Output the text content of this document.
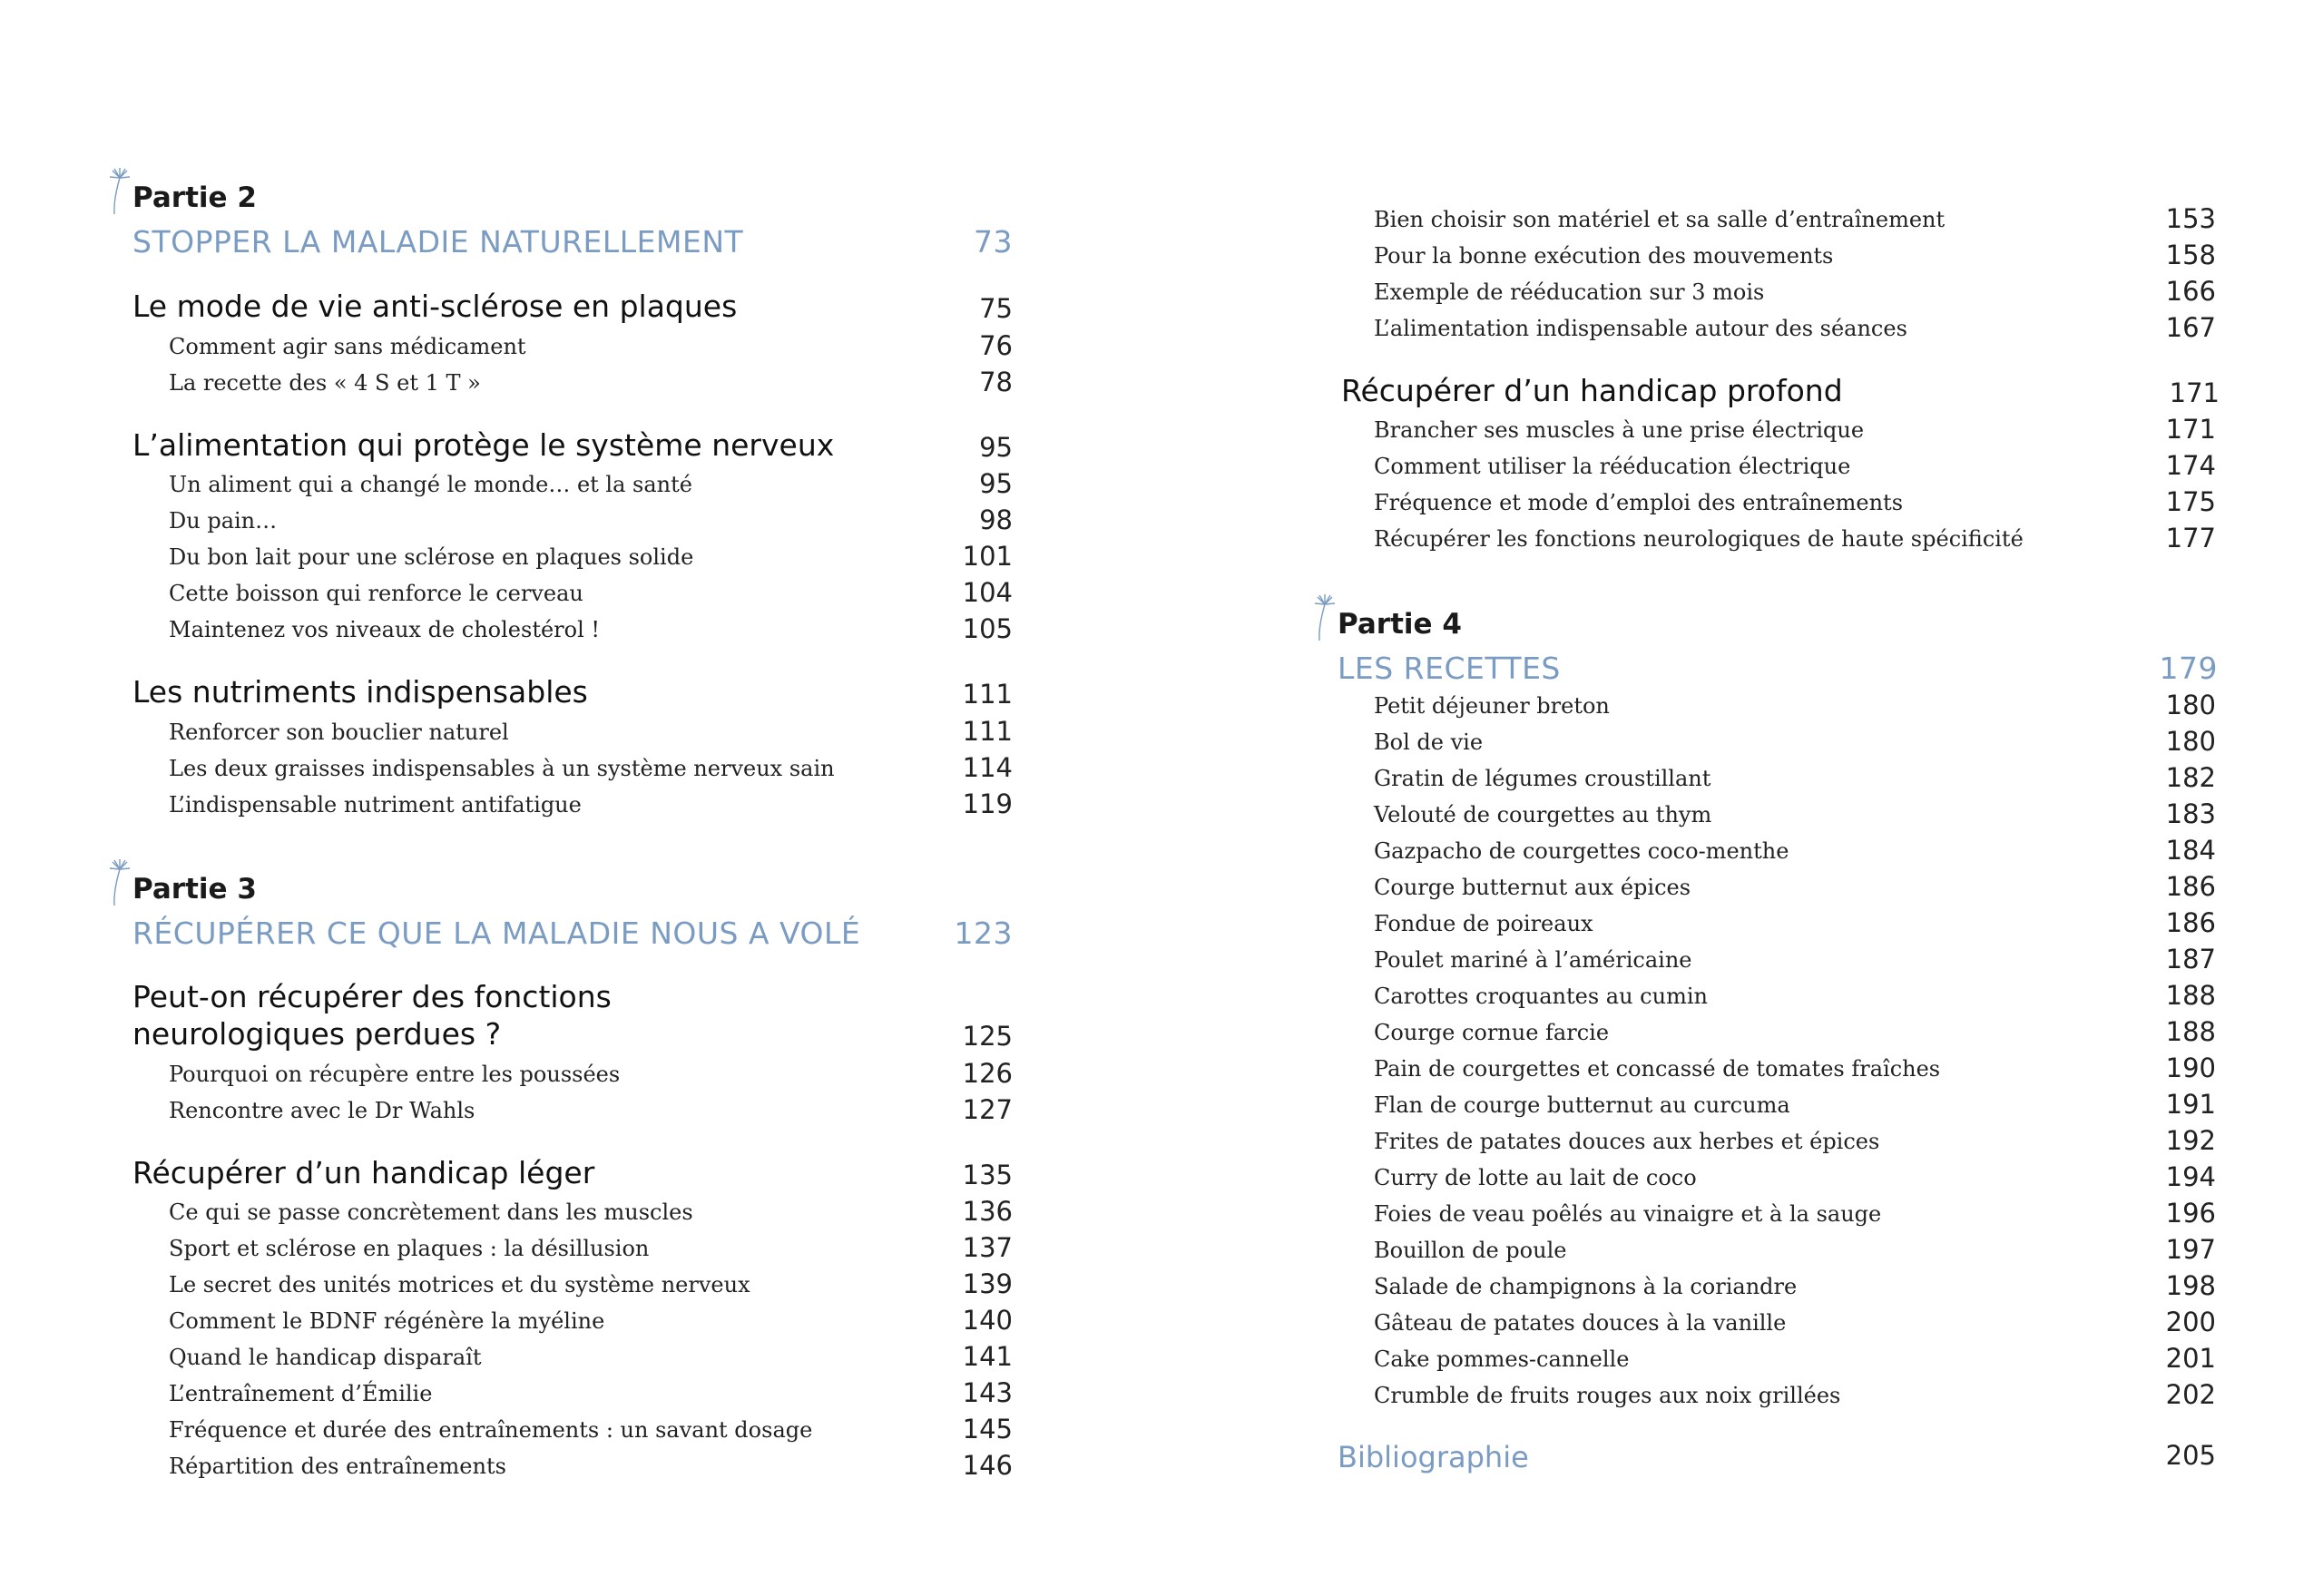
Partie 2
STOPPER LA MALADIE NATURELLEMENT	73
Le mode de vie anti-sclérose en plaques	75
Comment agir sans médicament	76
La recette des « 4 S et 1 T »	78
L’alimentation qui protège le système nerveux	95
Un aliment qui a changé le monde… et la santé	95
Du pain…	98
Du bon lait pour une sclérose en plaques solide	101
Cette boisson qui renforce le cerveau	104
Maintenez vos niveaux de cholestérol !	105
Les nutriments indispensables	111
Renforcer son bouclier naturel	111
Les deux graisses indispensables à un système nerveux sain	114
L’indispensable nutriment antifatigue	119
Partie 3
RÉCUPÉRER CE QUE LA MALADIE NOUS A VOLÉ	123
Peut-on récupérer des fonctions
neurologiques perdues ?	125
Pourquoi on récupère entre les poussées	126
Rencontre avec le Dr Wahls	127
Récupérer d’un handicap léger	135
Ce qui se passe concrètement dans les muscles	136
Sport et sclérose en plaques : la désillusion	137
Le secret des unités motrices et du système nerveux	139
Comment le BDNF régénère la myéline	140
Quand le handicap disparaît	141
L’entraînement d’Émilie	143
Fréquence et durée des entraînements : un savant dosage	145
Répartition des entraînements	146
Bien choisir son matériel et sa salle d’entraînement	153
Pour la bonne exécution des mouvements	158
Exemple de rééducation sur 3 mois	166
L’alimentation indispensable autour des séances	167
Récupérer d’un handicap profond	171
Brancher ses muscles à une prise électrique	171
Comment utiliser la rééducation électrique	174
Fréquence et mode d’emploi des entraînements	175
Récupérer les fonctions neurologiques de haute spécificité	177
Partie 4
LES RECETTES	179
Petit déjeuner breton	180
Bol de vie	180
Gratin de légumes croustillant	182
Velouté de courgettes au thym	183
Gazpacho de courgettes coco-menthe	184
Courge butternut aux épices	186
Fondue de poireaux	186
Poulet mariné à l’américaine	187
Carottes croquantes au cumin	188
Courge cornue farcie	188
Pain de courgettes et concassé de tomates fraîches	190
Flan de courge butternut au curcuma	191
Frites de patates douces aux herbes et épices	192
Curry de lotte au lait de coco	194
Foies de veau poêlés au vinaigre et à la sauge	196
Bouillon de poule	197
Salade de champignons à la coriandre	198
Gâteau de patates douces à la vanille	200
Cake pommes-cannelle	201
Crumble de fruits rouges aux noix grillées	202
Bibliographie	205
